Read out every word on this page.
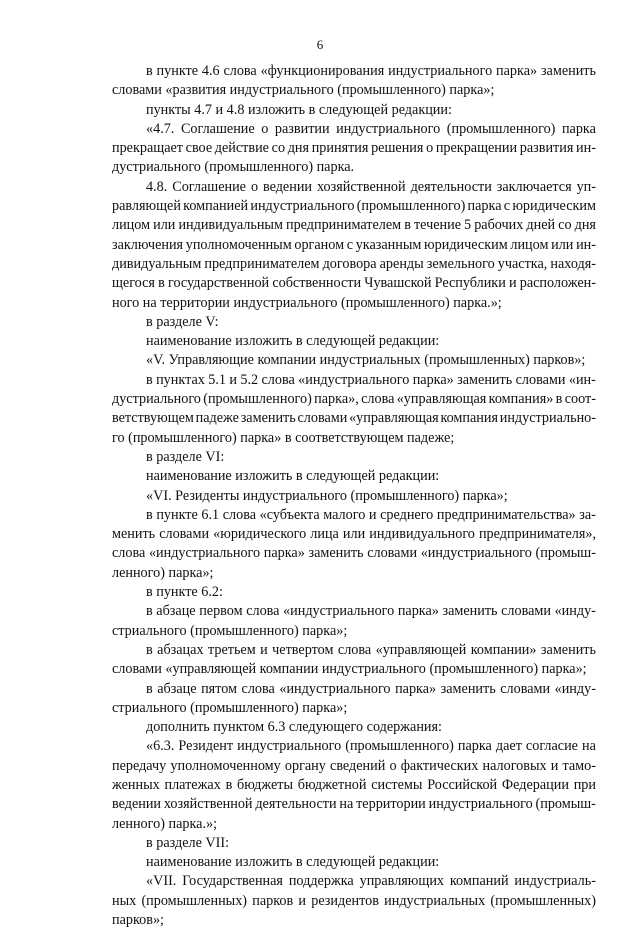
6
в пункте 4.6 слова «функционирования индустриального парка» заменить
словами «развития индустриального (промышленного) парка»;
пункты 4.7 и 4.8 изложить в следующей редакции:
«4.7. Соглашение о развитии индустриального (промышленного) парка
прекращает свое действие со дня принятия решения о прекращении развития ин-
дустриального (промышленного) парка.
4.8. Соглашение о ведении хозяйственной деятельности заключается уп-
равляющей компанией индустриального (промышленного) парка с юридическим
лицом или индивидуальным предпринимателем в течение 5 рабочих дней со дня
заключения уполномоченным органом с указанным юридическим лицом или ин-
дивидуальным предпринимателем договора аренды земельного участка, находя-
щегося в государственной собственности Чувашской Республики и расположен-
ного на территории индустриального (промышленного) парка.»;
в разделе V:
наименование изложить в следующей редакции:
«V. Управляющие компании индустриальных (промышленных) парков»;
в пунктах 5.1 и 5.2 слова «индустриального парка» заменить словами «ин-
дустриального (промышленного) парка», слова «управляющая компания» в соот-
ветствующем падеже заменить словами «управляющая компания индустриально-
го (промышленного) парка» в соответствующем падеже;
в разделе VI:
наименование изложить в следующей редакции:
«VI. Резиденты индустриального (промышленного) парка»;
в пункте 6.1 слова «субъекта малого и среднего предпринимательства» за-
менить словами «юридического лица или индивидуального предпринимателя»,
слова «индустриального парка» заменить словами «индустриального (промыш-
ленного) парка»;
в пункте 6.2:
в абзаце первом слова «индустриального парка» заменить словами «инду-
стриального (промышленного) парка»;
в абзацах третьем и четвертом слова «управляющей компании» заменить
словами «управляющей компании индустриального (промышленного) парка»;
в абзаце пятом слова «индустриального парка» заменить словами «инду-
стриального (промышленного) парка»;
дополнить пунктом 6.3 следующего содержания:
«6.3. Резидент индустриального (промышленного) парка дает согласие на
передачу уполномоченному органу сведений о фактических налоговых и тамо-
женных платежах в бюджеты бюджетной системы Российской Федерации при
ведении хозяйственной деятельности на территории индустриального (промыш-
ленного) парка.»;
в разделе VII:
наименование изложить в следующей редакции:
«VII. Государственная поддержка управляющих компаний индустриаль-
ных (промышленных) парков и резидентов индустриальных (промышленных)
парков»;
